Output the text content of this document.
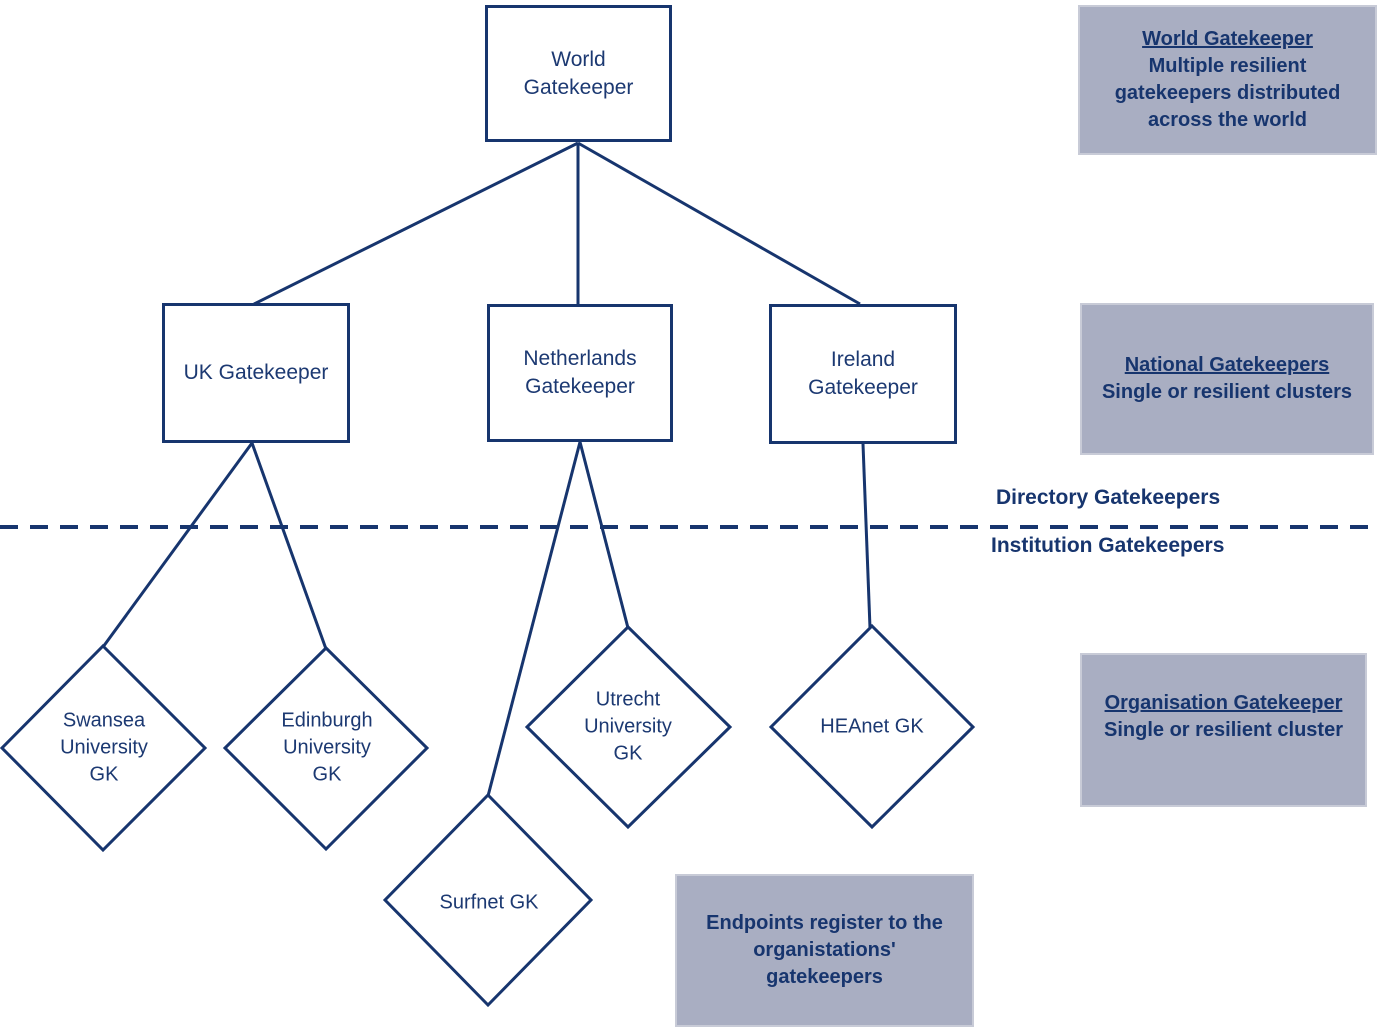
World Gatekeeper
UK Gatekeeper
Netherlands Gatekeeper
Ireland Gatekeeper
Swansea University GK
Edinburgh University GK
Utrecht University GK
HEAnet GK
Surfnet GK
Directory Gatekeepers
Institution Gatekeepers
World Gatekeeper
Multiple resilient gatekeepers distributed across the world
National Gatekeepers
Single or resilient clusters
Organisation Gatekeeper
Single or resilient cluster
Endpoints register to the organistations' gatekeepers
